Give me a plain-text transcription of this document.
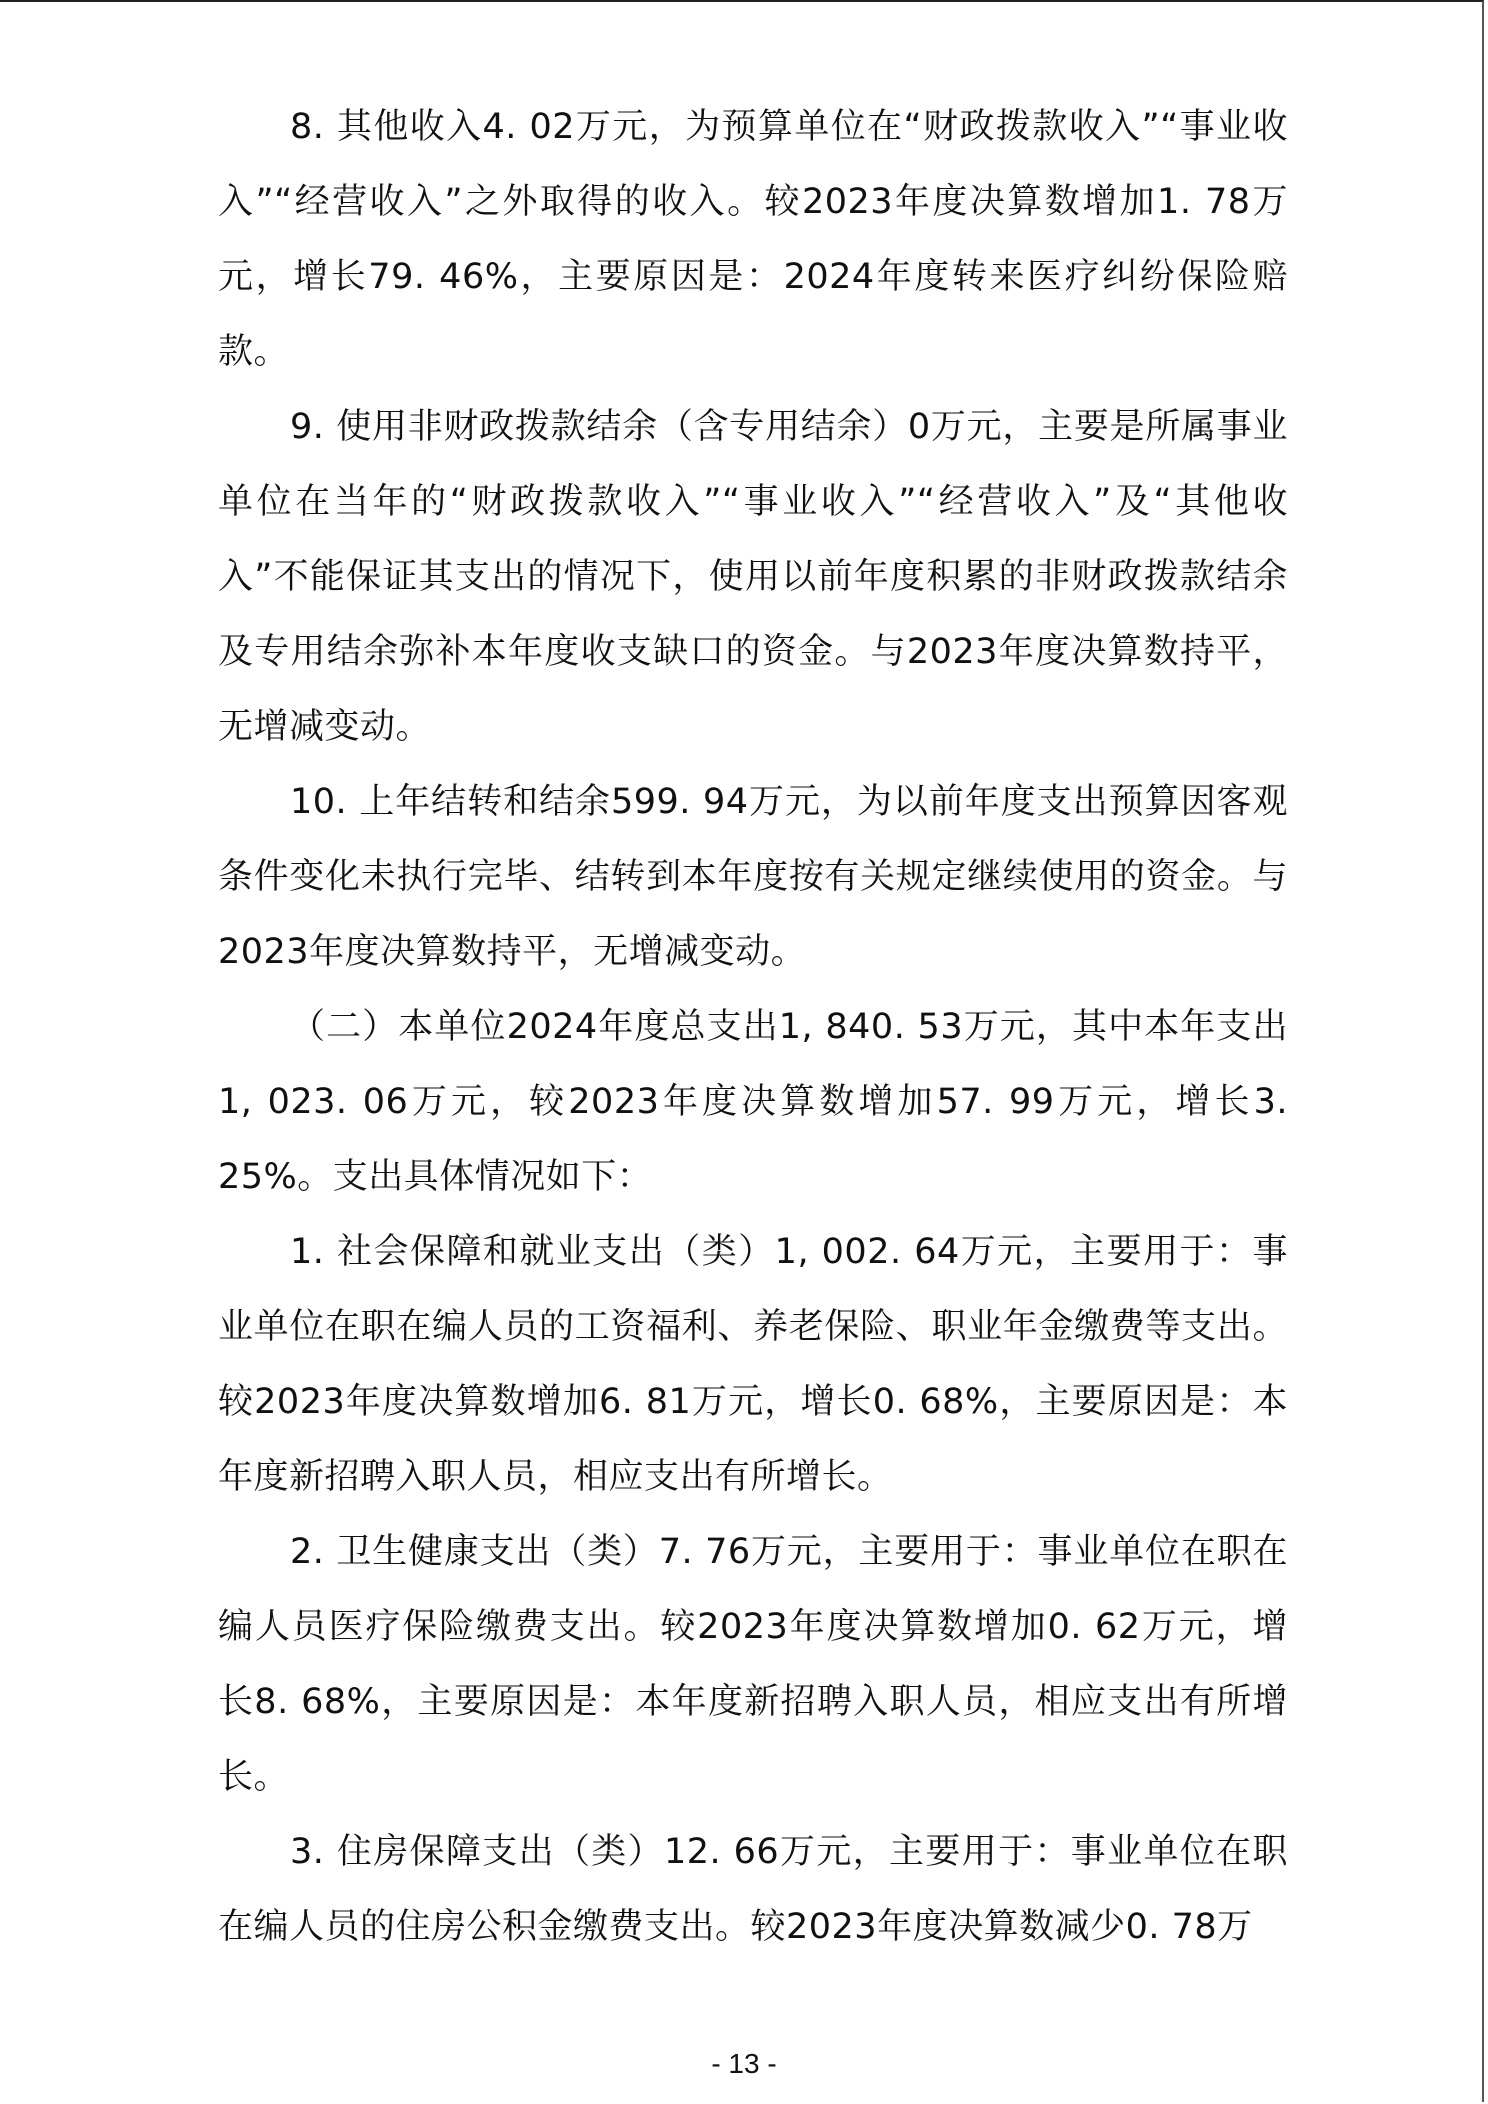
8. 其他收入4. 02万元，为预算单位在“财政拨款收入”“事业收入”“经营收入”之外取得的收入。较2023年度决算数增加1. 78万元，增长79. 46%，主要原因是：2024年度转来医疗纠纷保险赔款。

9. 使用非财政拨款结余（含专用结余）0万元，主要是所属事业单位在当年的“财政拨款收入”“事业收入”“经营收入”及“其他收入”不能保证其支出的情况下，使用以前年度积累的非财政拨款结余及专用结余弥补本年度收支缺口的资金。与2023年度决算数持平，无增减变动。

10. 上年结转和结余599. 94万元，为以前年度支出预算因客观条件变化未执行完毕、结转到本年度按有关规定继续使用的资金。与2023年度决算数持平，无增减变动。

（二）本单位2024年度总支出1, 840. 53万元，其中本年支出1, 023. 06万元，较2023年度决算数增加57. 99万元，增长3. 25%。支出具体情况如下：

1. 社会保障和就业支出（类）1, 002. 64万元，主要用于：事业单位在职在编人员的工资福利、养老保险、职业年金缴费等支出。较2023年度决算数增加6. 81万元，增长0. 68%，主要原因是：本年度新招聘入职人员，相应支出有所增长。

2. 卫生健康支出（类）7. 76万元，主要用于：事业单位在职在编人员医疗保险缴费支出。较2023年度决算数增加0. 62万元，增长8. 68%，主要原因是：本年度新招聘入职人员，相应支出有所增长。

3. 住房保障支出（类）12. 66万元，主要用于：事业单位在职在编人员的住房公积金缴费支出。较2023年度决算数减少0. 78万

- 13 -
